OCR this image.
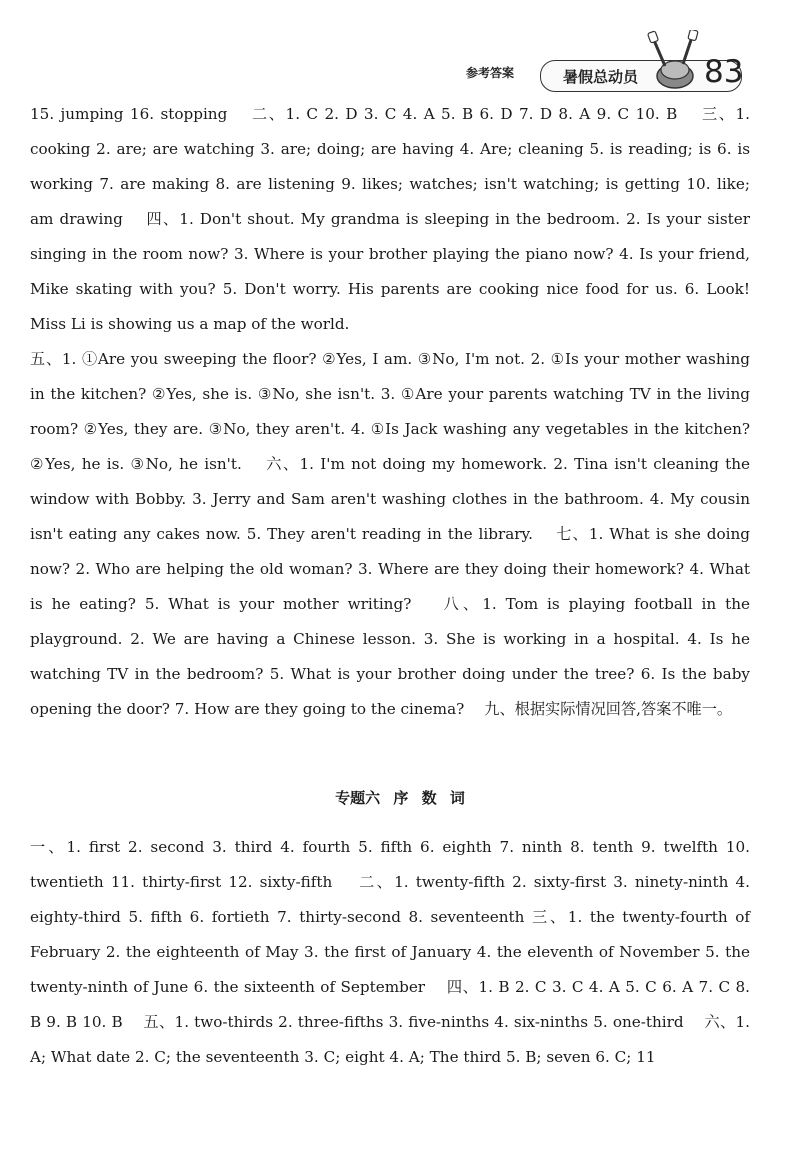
参考答案	暑假总动员 83
15. jumping 16. stopping　 二、1. C 2. D 3. C 4. A 5. B 6. D 7. D 8. A 9. C 10. B　 三、1. cooking 2. are; are watching 3. are; doing; are having 4. Are; cleaning 5. is reading; is 6. is working 7. are making 8. are listening 9. likes; watches; isn't watching; is getting 10. like; am drawing　 四、1. Don't shout. My grandma is sleeping in the bedroom. 2. Is your sister singing in the room now? 3. Where is your brother playing the piano now? 4. Is your friend, Mike skating with you? 5. Don't worry. His parents are cooking nice food for us. 6. Look! Miss Li is showing us a map of the world.
五、1. ①Are you sweeping the floor? ②Yes, I am. ③No, I'm not. 2. ①Is your mother washing in the kitchen? ②Yes, she is. ③No, she isn't. 3. ①Are your parents watching TV in the living room? ②Yes, they are. ③No, they aren't. 4. ①Is Jack washing any vegetables in the kitchen? ②Yes, he is. ③No, he isn't.　 六、1. I'm not doing my homework. 2. Tina isn't cleaning the window with Bobby. 3. Jerry and Sam aren't washing clothes in the bathroom. 4. My cousin isn't eating any cakes now. 5. They aren't reading in the library.　 七、1. What is she doing now? 2. Who are helping the old woman? 3. Where are they doing their homework? 4. What is he eating? 5. What is your mother writing?　 八、1. Tom is playing football in the playground. 2. We are having a Chinese lesson. 3. She is working in a hospital. 4. Is he watching TV in the bedroom? 5. What is your brother doing under the tree? 6. Is the baby opening the door? 7. How are they going to the cinema?　 九、根据实际情况回答,答案不唯一。
专题六 序 数 词
一、1. first 2. second 3. third 4. fourth 5. fifth 6. eighth 7. ninth 8. tenth 9. twelfth 10. twentieth 11. thirty-first 12. sixty-fifth　 二、1. twenty-fifth 2. sixty-first 3. ninety-ninth 4. eighty-third 5. fifth 6. fortieth 7. thirty-second 8. seventeenth 三、1. the twenty-fourth of February 2. the eighteenth of May 3. the first of January 4. the eleventh of November 5. the twenty-ninth of June 6. the sixteenth of September　 四、1. B 2. C 3. C 4. A 5. C 6. A 7. C 8. B 9. B 10. B　 五、1. two-thirds 2. three-fifths 3. five-ninths 4. six-ninths 5. one-third　 六、1. A; What date 2. C; the seventeenth 3. C; eight 4. A; The third 5. B; seven 6. C; 11
